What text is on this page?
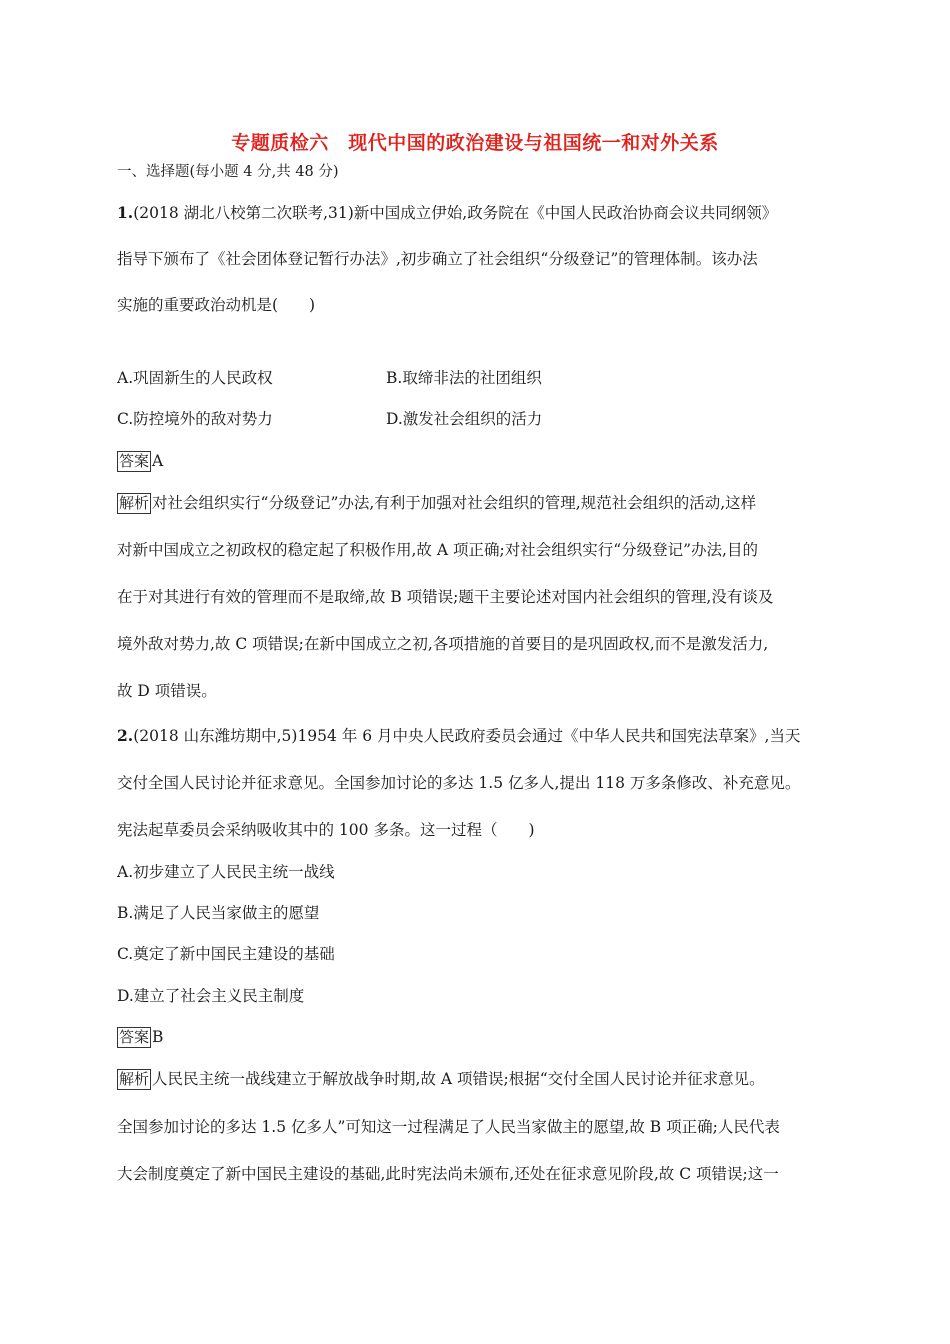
专题质检六　现代中国的政治建设与祖国统一和对外关系
一、选择题(每小题 4 分,共 48 分)
1.(2018 湖北八校第二次联考,31)新中国成立伊始,政务院在《中国人民政治协商会议共同纲领》
指导下颁布了《社会团体登记暂行办法》,初步确立了社会组织“分级登记”的管理体制。该办法
实施的重要政治动机是(　　)
A.巩固新生的人民政权	B.取缔非法的社团组织
C.防控境外的敌对势力	D.激发社会组织的活力
答案 A
解析 对社会组织实行“分级登记”办法,有利于加强对社会组织的管理,规范社会组织的活动,这样
对新中国成立之初政权的稳定起了积极作用,故 A 项正确;对社会组织实行“分级登记”办法,目的
在于对其进行有效的管理而不是取缔,故 B 项错误;题干主要论述对国内社会组织的管理,没有谈及
境外敌对势力,故 C 项错误;在新中国成立之初,各项措施的首要目的是巩固政权,而不是激发活力,
故 D 项错误。
2.(2018 山东潍坊期中,5)1954 年 6 月中央人民政府委员会通过《中华人民共和国宪法草案》,当天
交付全国人民讨论并征求意见。全国参加讨论的多达 1.5 亿多人,提出 118 万多条修改、补充意见。
宪法起草委员会采纳吸收其中的 100 多条。这一过程（　　)
A.初步建立了人民民主统一战线
B.满足了人民当家做主的愿望
C.奠定了新中国民主建设的基础
D.建立了社会主义民主制度
答案 B
解析 人民民主统一战线建立于解放战争时期,故 A 项错误;根据“交付全国人民讨论并征求意见。
全国参加讨论的多达 1.5 亿多人”可知这一过程满足了人民当家做主的愿望,故 B 项正确;人民代表
大会制度奠定了新中国民主建设的基础,此时宪法尚未颁布,还处在征求意见阶段,故 C 项错误;这一
